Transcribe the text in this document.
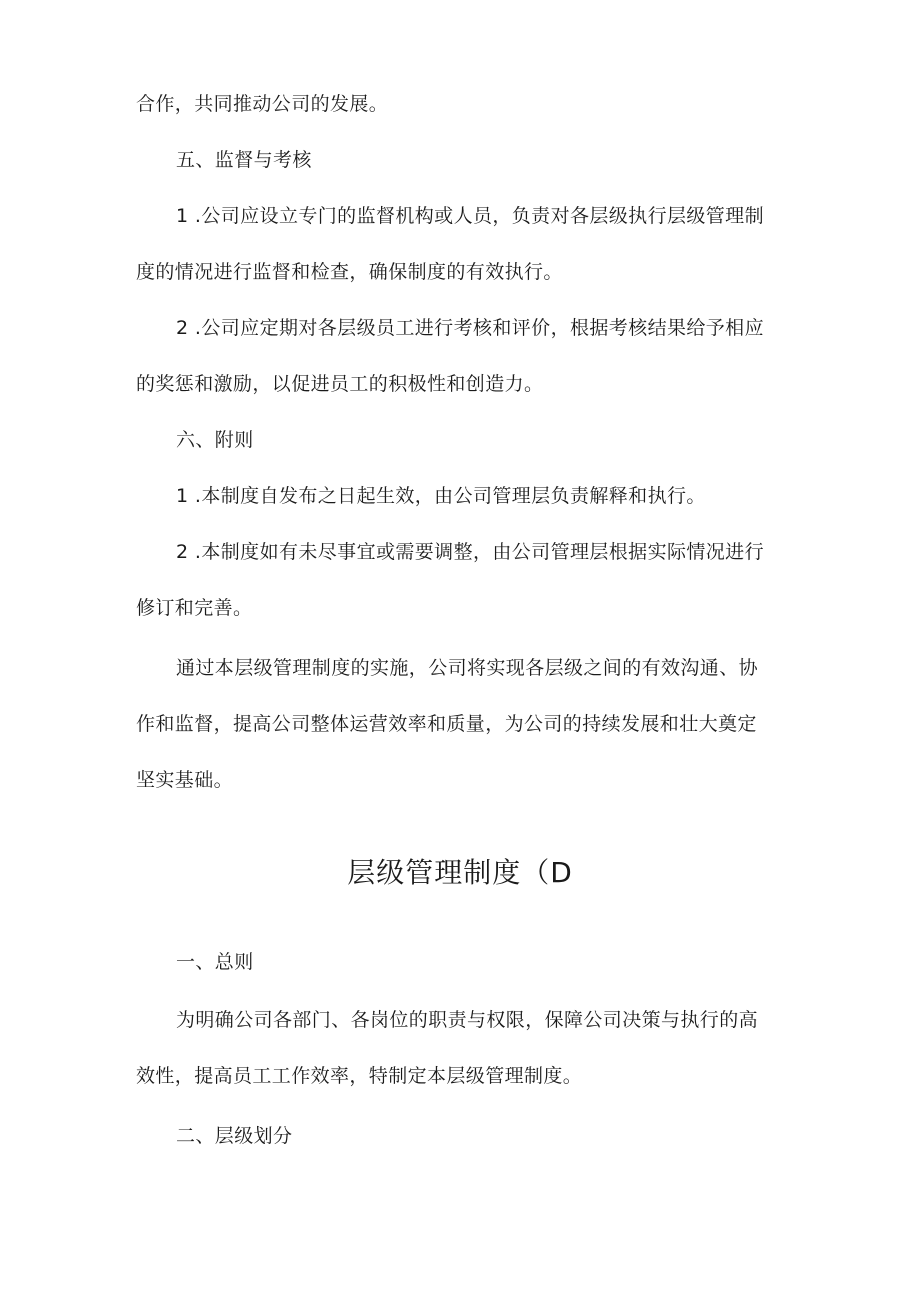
合作，共同推动公司的发展。
五、监督与考核
1 .公司应设立专门的监督机构或人员，负责对各层级执行层级管理制
度的情况进行监督和检查，确保制度的有效执行。
2 .公司应定期对各层级员工进行考核和评价，根据考核结果给予相应
的奖惩和激励，以促进员工的积极性和创造力。
六、附则
1 .本制度自发布之日起生效，由公司管理层负责解释和执行。
2 .本制度如有未尽事宜或需要调整，由公司管理层根据实际情况进行
修订和完善。
通过本层级管理制度的实施，公司将实现各层级之间的有效沟通、协
作和监督，提高公司整体运营效率和质量，为公司的持续发展和壮大奠定
坚实基础。
层级管理制度（D
一、总则
为明确公司各部门、各岗位的职责与权限，保障公司决策与执行的高
效性，提高员工工作效率，特制定本层级管理制度。
二、层级划分
